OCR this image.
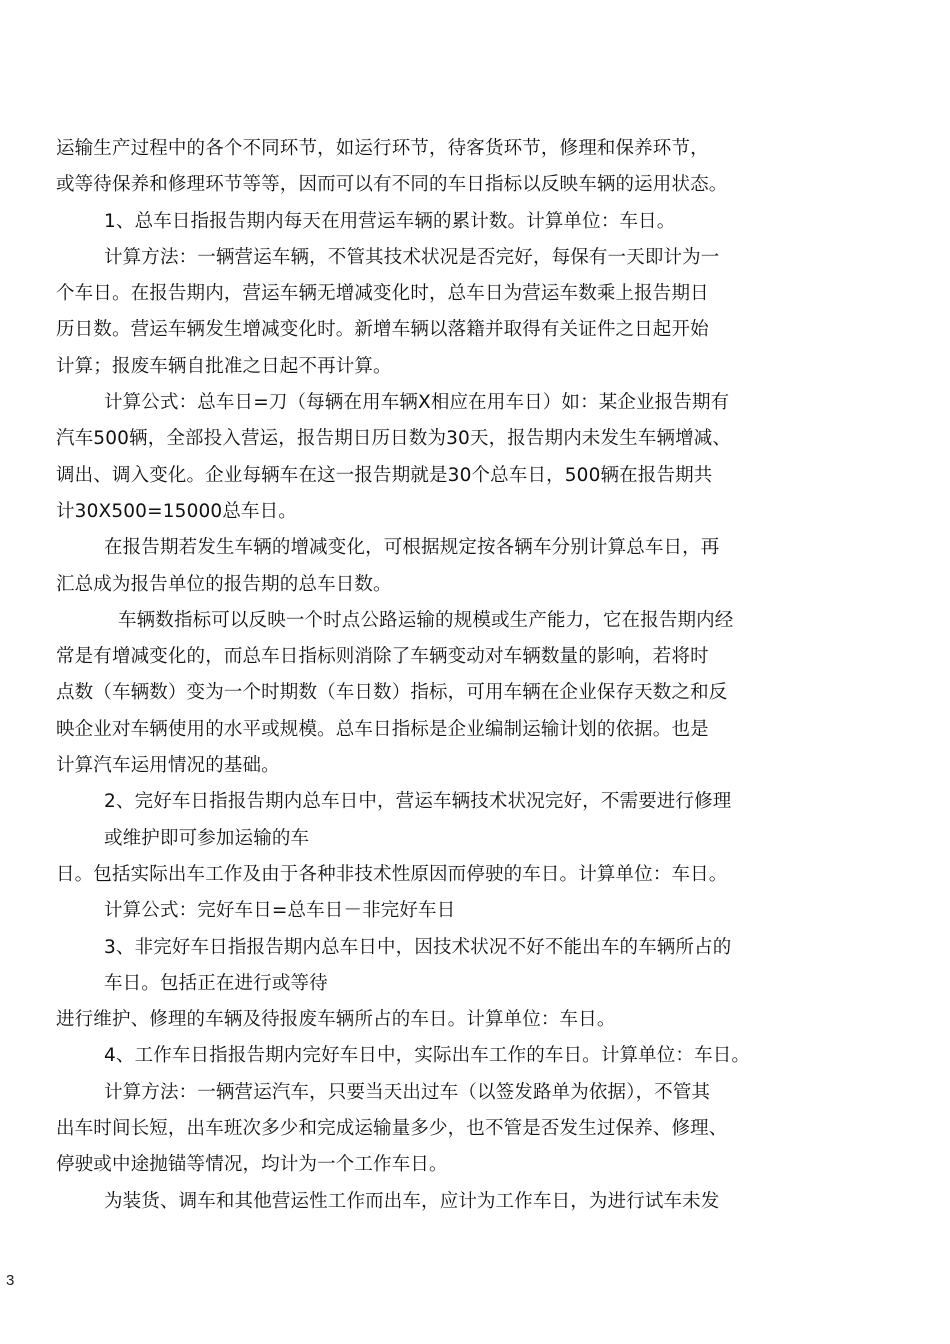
运输生产过程中的各个不同环节，如运行环节，待客货环节，修理和保养环节，
或等待保养和修理环节等等，因而可以有不同的车日指标以反映车辆的运用状态。
1、总车日指报告期内每天在用营运车辆的累计数。计算单位：车日。
计算方法：一辆营运车辆，不管其技术状况是否完好，每保有一天即计为一
个车日。在报告期内，营运车辆无增减变化时，总车日为营运车数乘上报告期日
历日数。营运车辆发生增减变化时。新增车辆以落籍并取得有关证件之日起开始
计算；报废车辆自批准之日起不再计算。
计算公式：总车日=刀（每辆在用车辆X相应在用车日）如：某企业报告期有
汽车500辆，全部投入营运，报告期日历日数为30天，报告期内未发生车辆增减、
调出、调入变化。企业每辆车在这一报告期就是30个总车日，500辆在报告期共
计30X500=15000总车日。
在报告期若发生车辆的增减变化，可根据规定按各辆车分别计算总车日，再
汇总成为报告单位的报告期的总车日数。
车辆数指标可以反映一个时点公路运输的规模或生产能力，它在报告期内经
常是有增减变化的，而总车日指标则消除了车辆变动对车辆数量的影响，若将时
点数（车辆数）变为一个时期数（车日数）指标，可用车辆在企业保存天数之和反
映企业对车辆使用的水平或规模。总车日指标是企业编制运输计划的依据。也是
计算汽车运用情况的基础。
2、完好车日指报告期内总车日中，营运车辆技术状况完好，不需要进行修理
或维护即可参加运输的车
日。包括实际出车工作及由于各种非技术性原因而停驶的车日。计算单位：车日。
计算公式：完好车日=总车日－非完好车日
3、非完好车日指报告期内总车日中，因技术状况不好不能出车的车辆所占的
车日。包括正在进行或等待
进行维护、修理的车辆及待报废车辆所占的车日。计算单位：车日。
4、工作车日指报告期内完好车日中，实际出车工作的车日。计算单位：车日。
计算方法：一辆营运汽车，只要当天出过车（以签发路单为依据），不管其
出车时间长短，出车班次多少和完成运输量多少，也不管是否发生过保养、修理、
停驶或中途抛锚等情况，均计为一个工作车日。
为装货、调车和其他营运性工作而出车，应计为工作车日，为进行试车未发
3
